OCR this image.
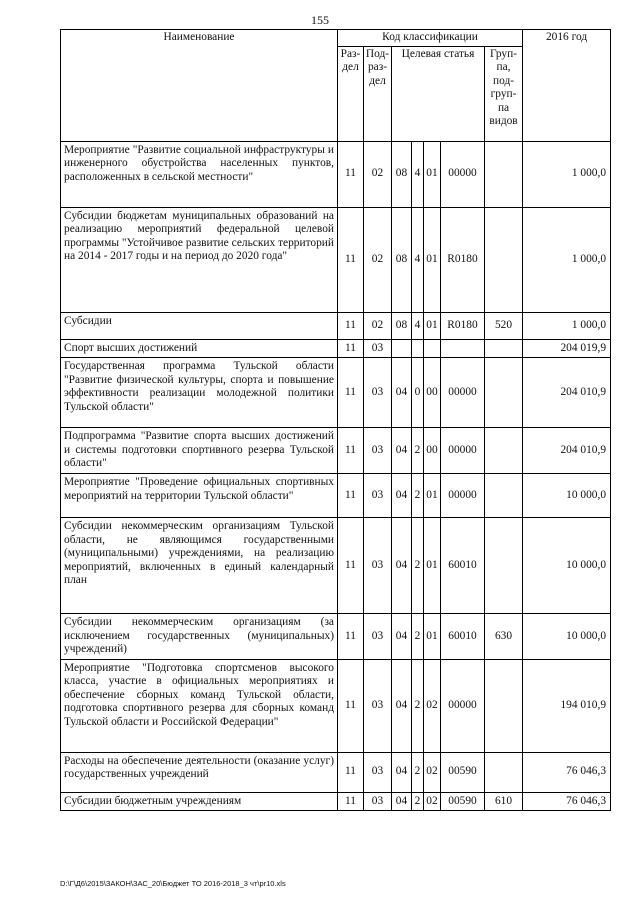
155
Наименование	Код классификации							2016 год
	Раз-дел	Под-раз-дел	Целевая статья				Груп-па, под-груп-па видов	
Мероприятие "Развитие социальной инфраструктуры и инженерного обустройства населенных пунктов, расположенных в сельской местности"	11	02	08	4	01	00000		1 000,0
Субсидии бюджетам муниципальных образований на реализацию мероприятий федеральной целевой программы "Устойчивое развитие сельских территорий на 2014 - 2017 годы и на период до 2020 года"	11	02	08	4	01	R0180		1 000,0
Субсидии	11	02	08	4	01	R0180	520	1 000,0
Спорт высших достижений	11	03						204 019,9
Государственная программа Тульской области "Развитие физической культуры, спорта и повышение эффективности реализации молодежной политики Тульской области"	11	03	04	0	00	00000		204 010,9
Подпрограмма "Развитие спорта высших достижений и системы подготовки спортивного резерва Тульской области"	11	03	04	2	00	00000		204 010,9
Мероприятие "Проведение официальных спортивных мероприятий на территории Тульской области"	11	03	04	2	01	00000		10 000,0
Субсидии некоммерческим организациям Тульской области, не являющимся государственными (муниципальными) учреждениями, на реализацию мероприятий, включенных в единый календарный план	11	03	04	2	01	60010		10 000,0
Субсидии некоммерческим организациям (за исключением государственных (муниципальных) учреждений)	11	03	04	2	01	60010	630	10 000,0
Мероприятие "Подготовка спортсменов высокого класса, участие в официальных мероприятиях и обеспечение сборных команд Тульской области, подготовка спортивного резерва для сборных команд Тульской области и Российской Федерации"	11	03	04	2	02	00000		194 010,9
Расходы на обеспечение деятельности (оказание услуг) государственных учреждений	11	03	04	2	02	00590		76 046,3
Субсидии бюджетным учреждениям	11	03	04	2	02	00590	610	76 046,3
D:\Г\Д6\2015\ЗАКОН\ЗАС_20\Бюджет ТО 2016-2018_3 чт\рr10.xls
